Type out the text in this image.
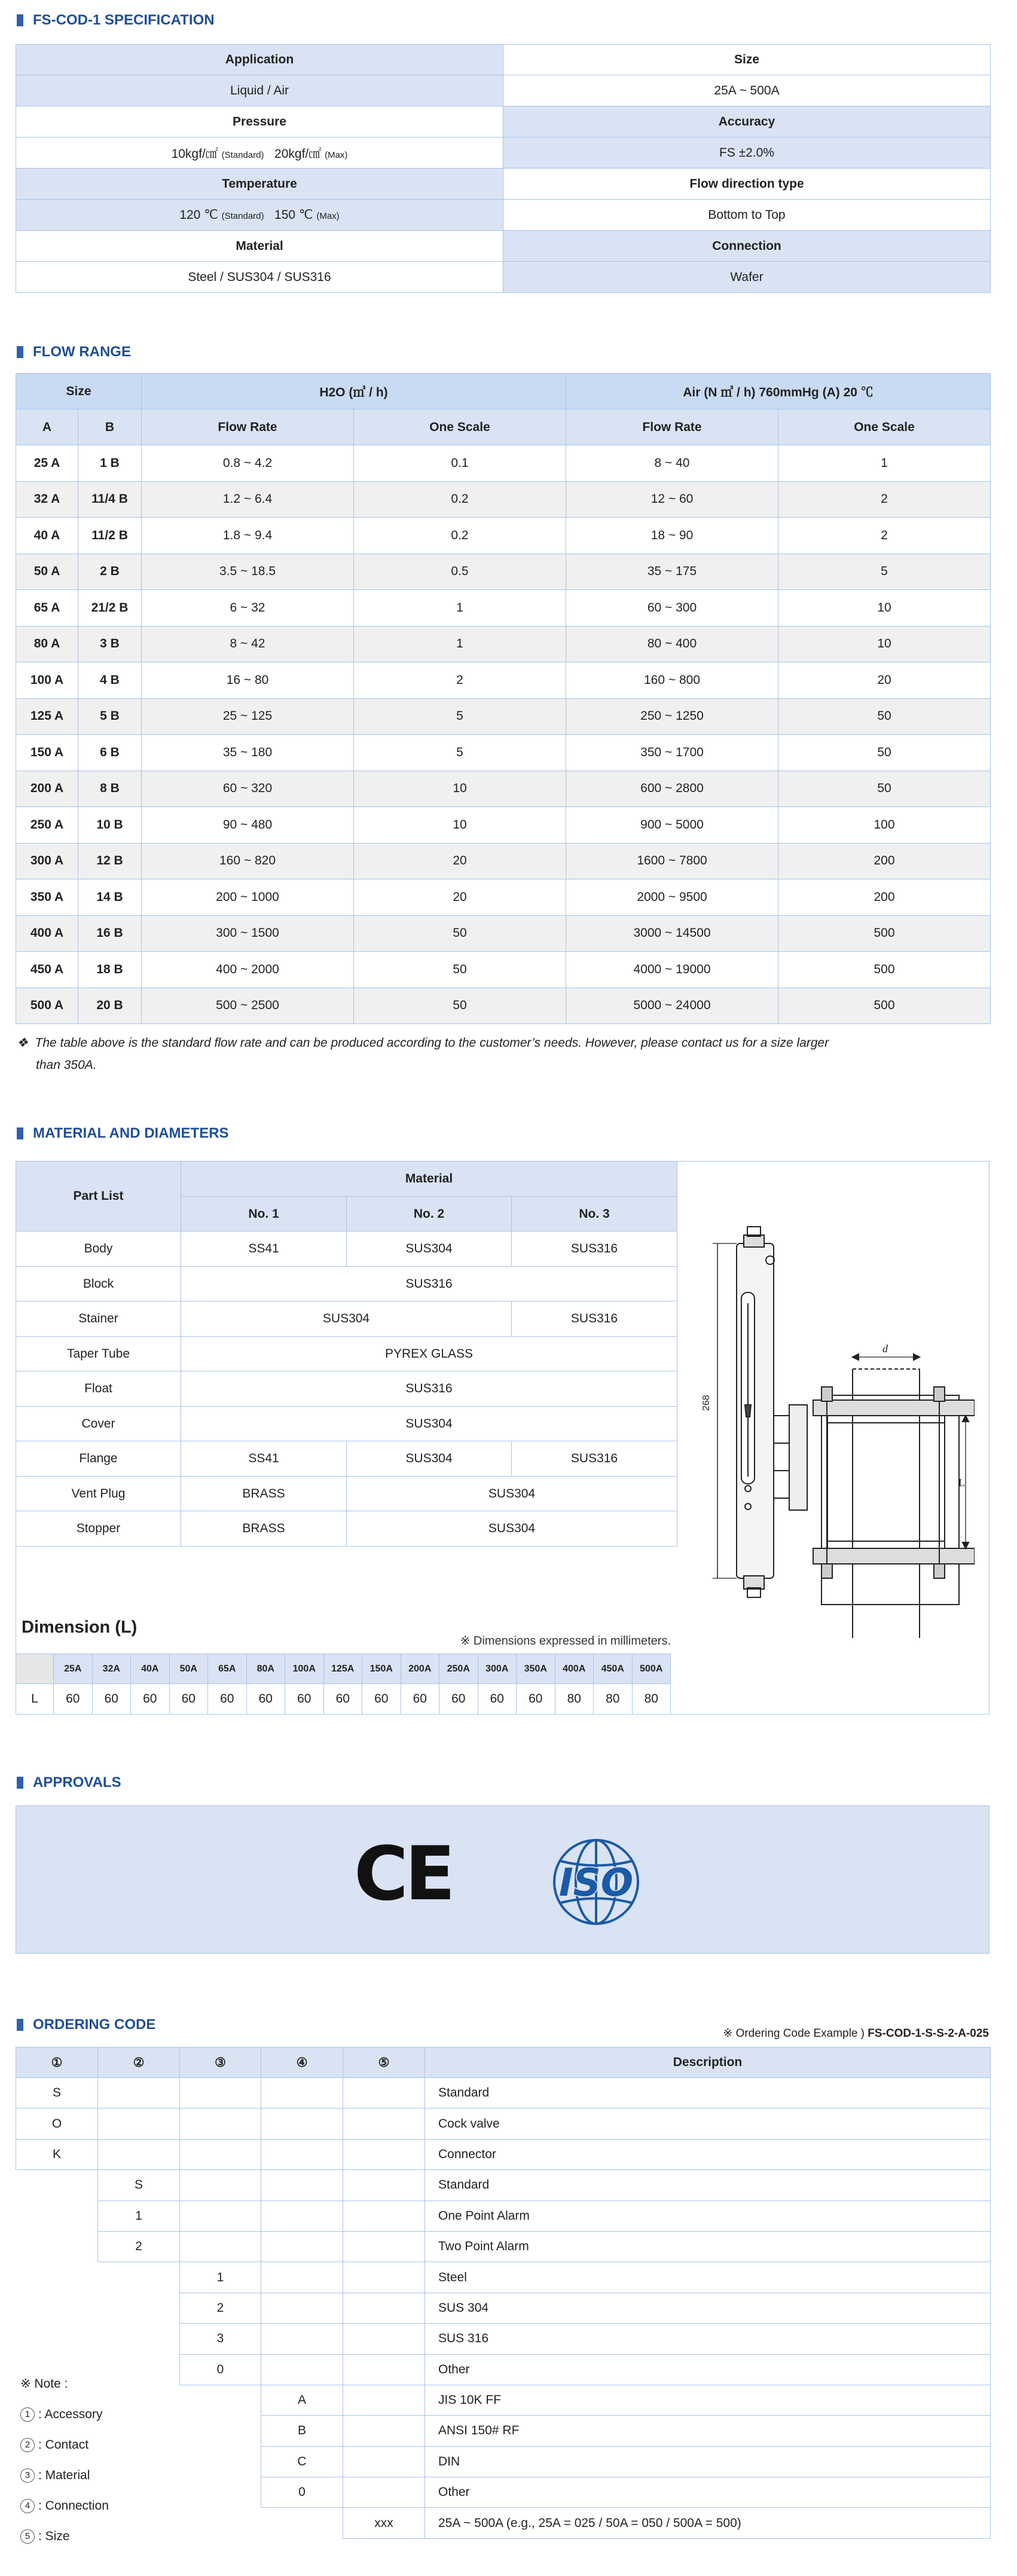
FS-COD-1 SPECIFICATION
Application	Size
Liquid / Air	25A ~ 500A
Pressure	Accuracy
10kgf/㎠ (Standard) 20kgf/㎠ (Max)	FS ±2.0%
Temperature	Flow direction type
120 ℃ (Standard) 150 ℃ (Max)	Bottom to Top
Material	Connection
Steel / SUS304 / SUS316	Wafer
FLOW RANGE
Size		H2O (㎥ / h)		Air (N ㎥ / h) 760mmHg (A) 20 ℃	
A	B	Flow Rate	One Scale	Flow Rate	One Scale
25 A	1 B	0.8 ~ 4.2	0.1	8 ~ 40	1
32 A	11/4 B	1.2 ~ 6.4	0.2	12 ~ 60	2
40 A	11/2 B	1.8 ~ 9.4	0.2	18 ~ 90	2
50 A	2 B	3.5 ~ 18.5	0.5	35 ~ 175	5
65 A	21/2 B	6 ~ 32	1	60 ~ 300	10
80 A	3 B	8 ~ 42	1	80 ~ 400	10
100 A	4 B	16 ~ 80	2	160 ~ 800	20
125 A	5 B	25 ~ 125	5	250 ~ 1250	50
150 A	6 B	35 ~ 180	5	350 ~ 1700	50
200 A	8 B	60 ~ 320	10	600 ~ 2800	50
250 A	10 B	90 ~ 480	10	900 ~ 5000	100
300 A	12 B	160 ~ 820	20	1600 ~ 7800	200
350 A	14 B	200 ~ 1000	20	2000 ~ 9500	200
400 A	16 B	300 ~ 1500	50	3000 ~ 14500	500
450 A	18 B	400 ~ 2000	50	4000 ~ 19000	500
500 A	20 B	500 ~ 2500	50	5000 ~ 24000	500
❖ The table above is the standard flow rate and can be produced according to the customer’s needs. However, please contact us for a size larger
than 350A.
MATERIAL AND DIAMETERS
Part List	Material		
	No. 1	No. 2	No. 3
Body	SS41	SUS304	SUS316
Block	SUS316		
Stainer	SUS304		SUS316
Taper Tube	PYREX GLASS		
Float	SUS316		
Cover	SUS304		
Flange	SS41	SUS304	SUS316
Vent Plug	BRASS	SUS304	
Stopper	BRASS	SUS304	
268
d
L
Dimension (L)
※ Dimensions expressed in millimeters.
	25A	32A	40A	50A	65A	80A	100A	125A	150A	200A	250A	300A	350A	400A	450A	500A
L	60	60	60	60	60	60	60	60	60	60	60	60	60	80	80	80
APPROVALS
CE	ISO
ORDERING CODE
※ Ordering Code Example ) FS-COD-1-S-S-2-A-025
①	②	③	④	⑤	Description
S					Standard
O					Cock valve
K					Connector
	S				Standard
	1				One Point Alarm
	2				Two Point Alarm
		1			Steel
		2			SUS 304
		3			SUS 316
		0			Other
			A		JIS 10K FF
			B		ANSI 150# RF
			C		DIN
			0		Other
				xxx	25A ~ 500A (e.g., 25A = 025 / 50A = 050 / 500A = 500)
※ Note :
1 : Accessory
2 : Contact
3 : Material
4 : Connection
5 : Size
